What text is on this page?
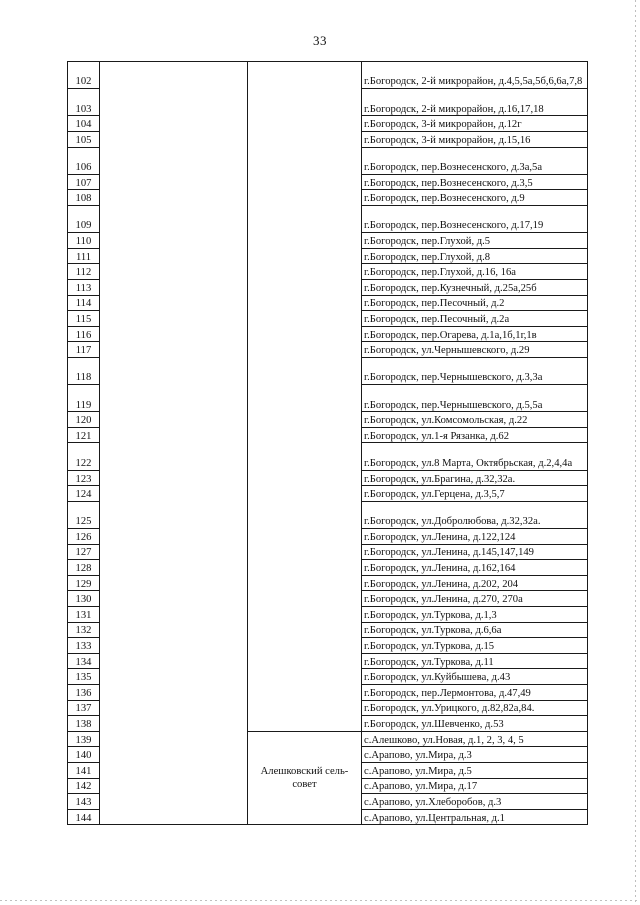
33
102			г.Богородск, 2-й микрорайон, д.4,5,5а,5б,6,6а,7,8
103			г.Богородск, 2-й микрорайон, д.16,17,18
104			г.Богородск, 3-й микрорайон, д.12г
105			г.Богородск, 3-й микрорайон, д.15,16
106			г.Богородск, пер.Вознесенского, д.3а,5а
107			г.Богородск, пер.Вознесенского, д.3,5
108			г.Богородск, пер.Вознесенского, д.9
109			г.Богородск, пер.Вознесенского, д.17,19
110			г.Богородск, пер.Глухой, д.5
111			г.Богородск, пер.Глухой, д.8
112			г.Богородск, пер.Глухой, д.16, 16а
113			г.Богородск, пер.Кузнечный, д.25а,25б
114			г.Богородск, пер.Песочный, д.2
115			г.Богородск, пер.Песочный, д.2а
116			г.Богородск, пер.Огарева, д.1а,1б,1г,1в
117			г.Богородск, ул.Чернышевского, д.29
118			г.Богородск, пер.Чернышевского, д.3,3а
119			г.Богородск, пер.Чернышевского, д.5,5а
120			г.Богородск, ул.Комсомольская, д.22
121			г.Богородск, ул.1-я Рязанка, д.62
122			г.Богородск, ул.8 Марта, Октябрьская, д.2,4,4а
123			г.Богородск, ул.Брагина, д.32,32а.
124			г.Богородск, ул.Герцена, д.3,5,7
125			г.Богородск, ул.Добролюбова, д.32,32а.
126			г.Богородск, ул.Ленина, д.122,124
127			г.Богородск, ул.Ленина, д.145,147,149
128			г.Богородск, ул.Ленина, д.162,164
129			г.Богородск, ул.Ленина, д.202, 204
130			г.Богородск, ул.Ленина, д.270, 270а
131			г.Богородск, ул.Туркова, д.1,3
132			г.Богородск, ул.Туркова, д.6,6а
133			г.Богородск, ул.Туркова, д.15
134			г.Богородск, ул.Туркова, д.11
135			г.Богородск, ул.Куйбышева, д.43
136			г.Богородск, пер.Лермонтова, д.47,49
137			г.Богородск, ул.Урицкого, д.82,82а,84.
138			г.Богородск, ул.Шевченко, д.53
139		Алешковский сель-совет	с.Алешково, ул.Новая, д.1, 2, 3, 4, 5
140			с.Арапово, ул.Мира, д.3
141			с.Арапово, ул.Мира, д.5
142			с.Арапово, ул.Мира, д.17
143			с.Арапово, ул.Хлеборобов, д.3
144			с.Арапово, ул.Центральная, д.1
